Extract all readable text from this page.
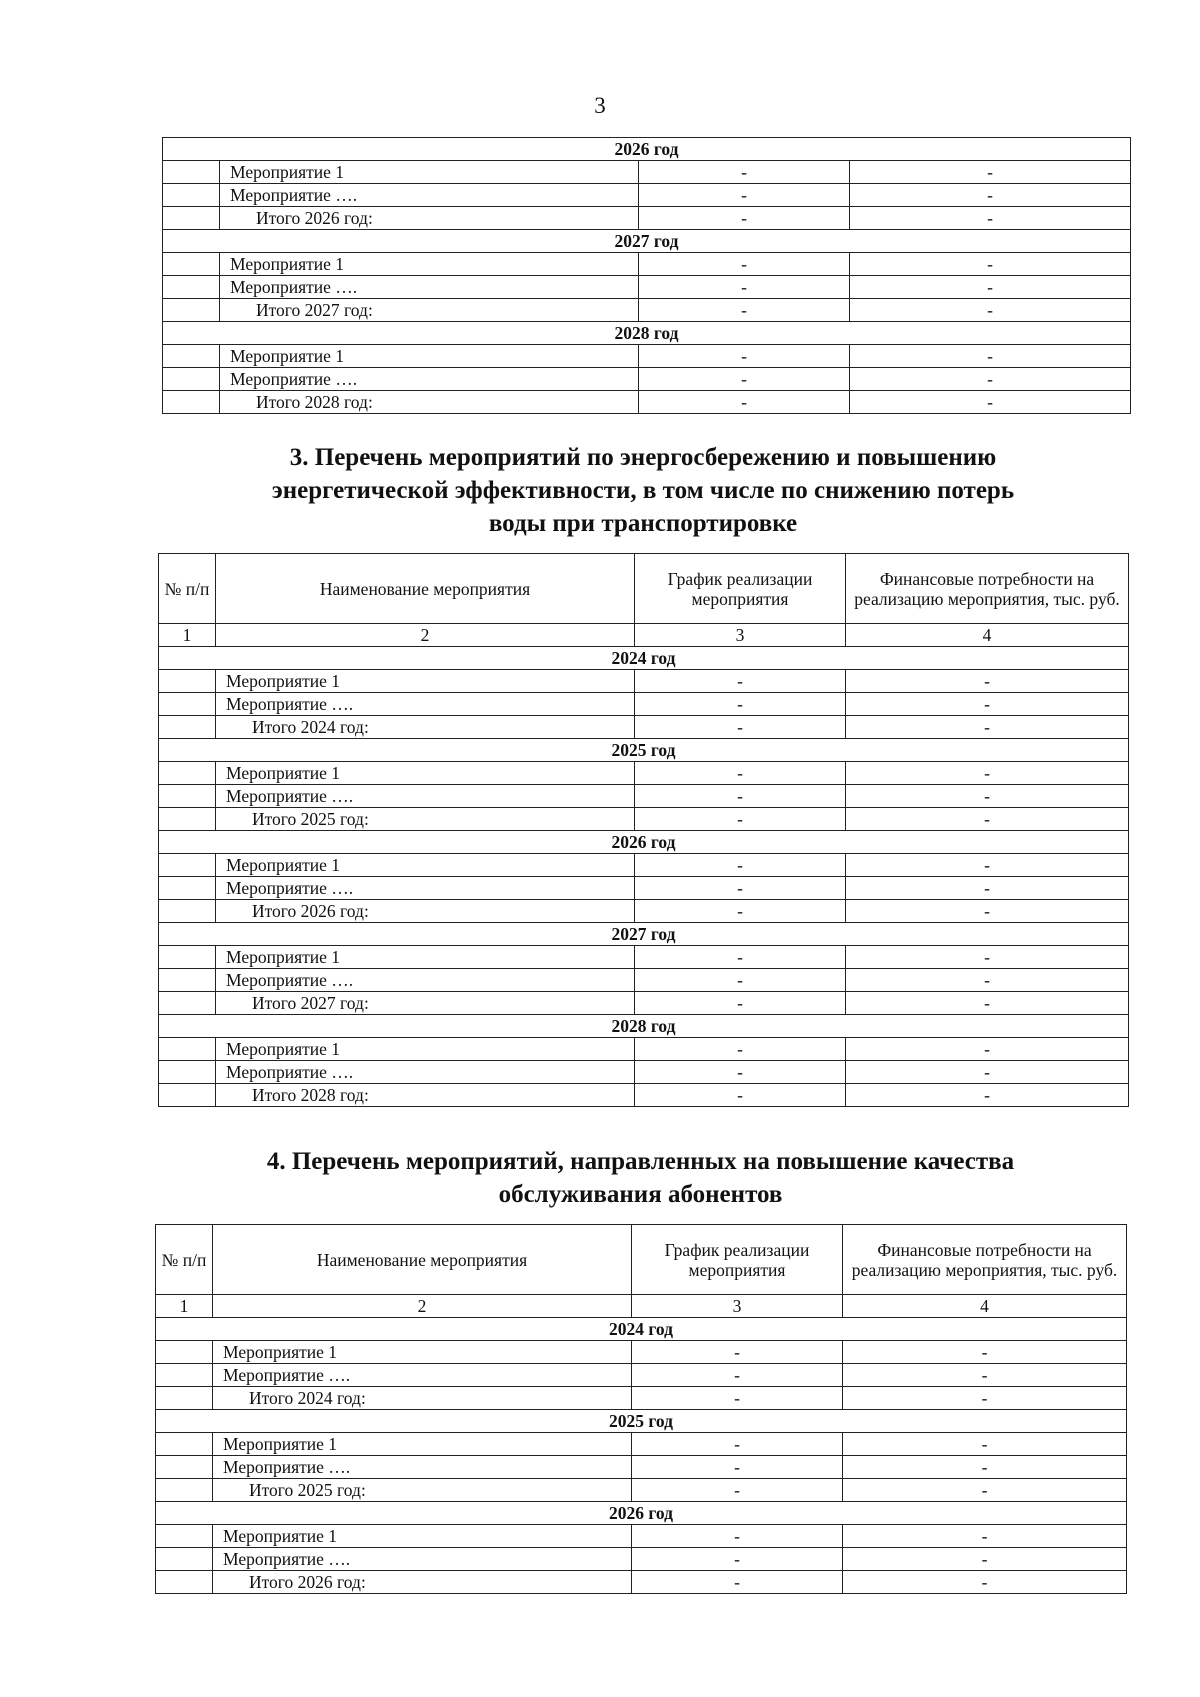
3
2026 год			
	Мероприятие 1	-	-
	Мероприятие ….	-	-
	Итого 2026 год:	-	-
2027 год			
	Мероприятие 1	-	-
	Мероприятие ….	-	-
	Итого 2027 год:	-	-
2028 год			
	Мероприятие 1	-	-
	Мероприятие ….	-	-
	Итого 2028 год:	-	-
3. Перечень мероприятий по энергосбережению и повышению
энергетической эффективности, в том числе по снижению потерь
воды при транспортировке
№ п/п	Наименование мероприятия	График реализации мероприятия	Финансовые потребности на реализацию мероприятия, тыс. руб.
1	2	3	4
2024 год			
	Мероприятие 1	-	-
	Мероприятие ….	-	-
	Итого 2024 год:	-	-
2025 год			
	Мероприятие 1	-	-
	Мероприятие ….	-	-
	Итого 2025 год:	-	-
2026 год			
	Мероприятие 1	-	-
	Мероприятие ….	-	-
	Итого 2026 год:	-	-
2027 год			
	Мероприятие 1	-	-
	Мероприятие ….	-	-
	Итого 2027 год:	-	-
2028 год			
	Мероприятие 1	-	-
	Мероприятие ….	-	-
	Итого 2028 год:	-	-
4. Перечень мероприятий, направленных на повышение качества
обслуживания абонентов
№ п/п	Наименование мероприятия	График реализации мероприятия	Финансовые потребности на реализацию мероприятия, тыс. руб.
1	2	3	4
2024 год			
	Мероприятие 1	-	-
	Мероприятие ….	-	-
	Итого 2024 год:	-	-
2025 год			
	Мероприятие 1	-	-
	Мероприятие ….	-	-
	Итого 2025 год:	-	-
2026 год			
	Мероприятие 1	-	-
	Мероприятие ….	-	-
	Итого 2026 год:	-	-
